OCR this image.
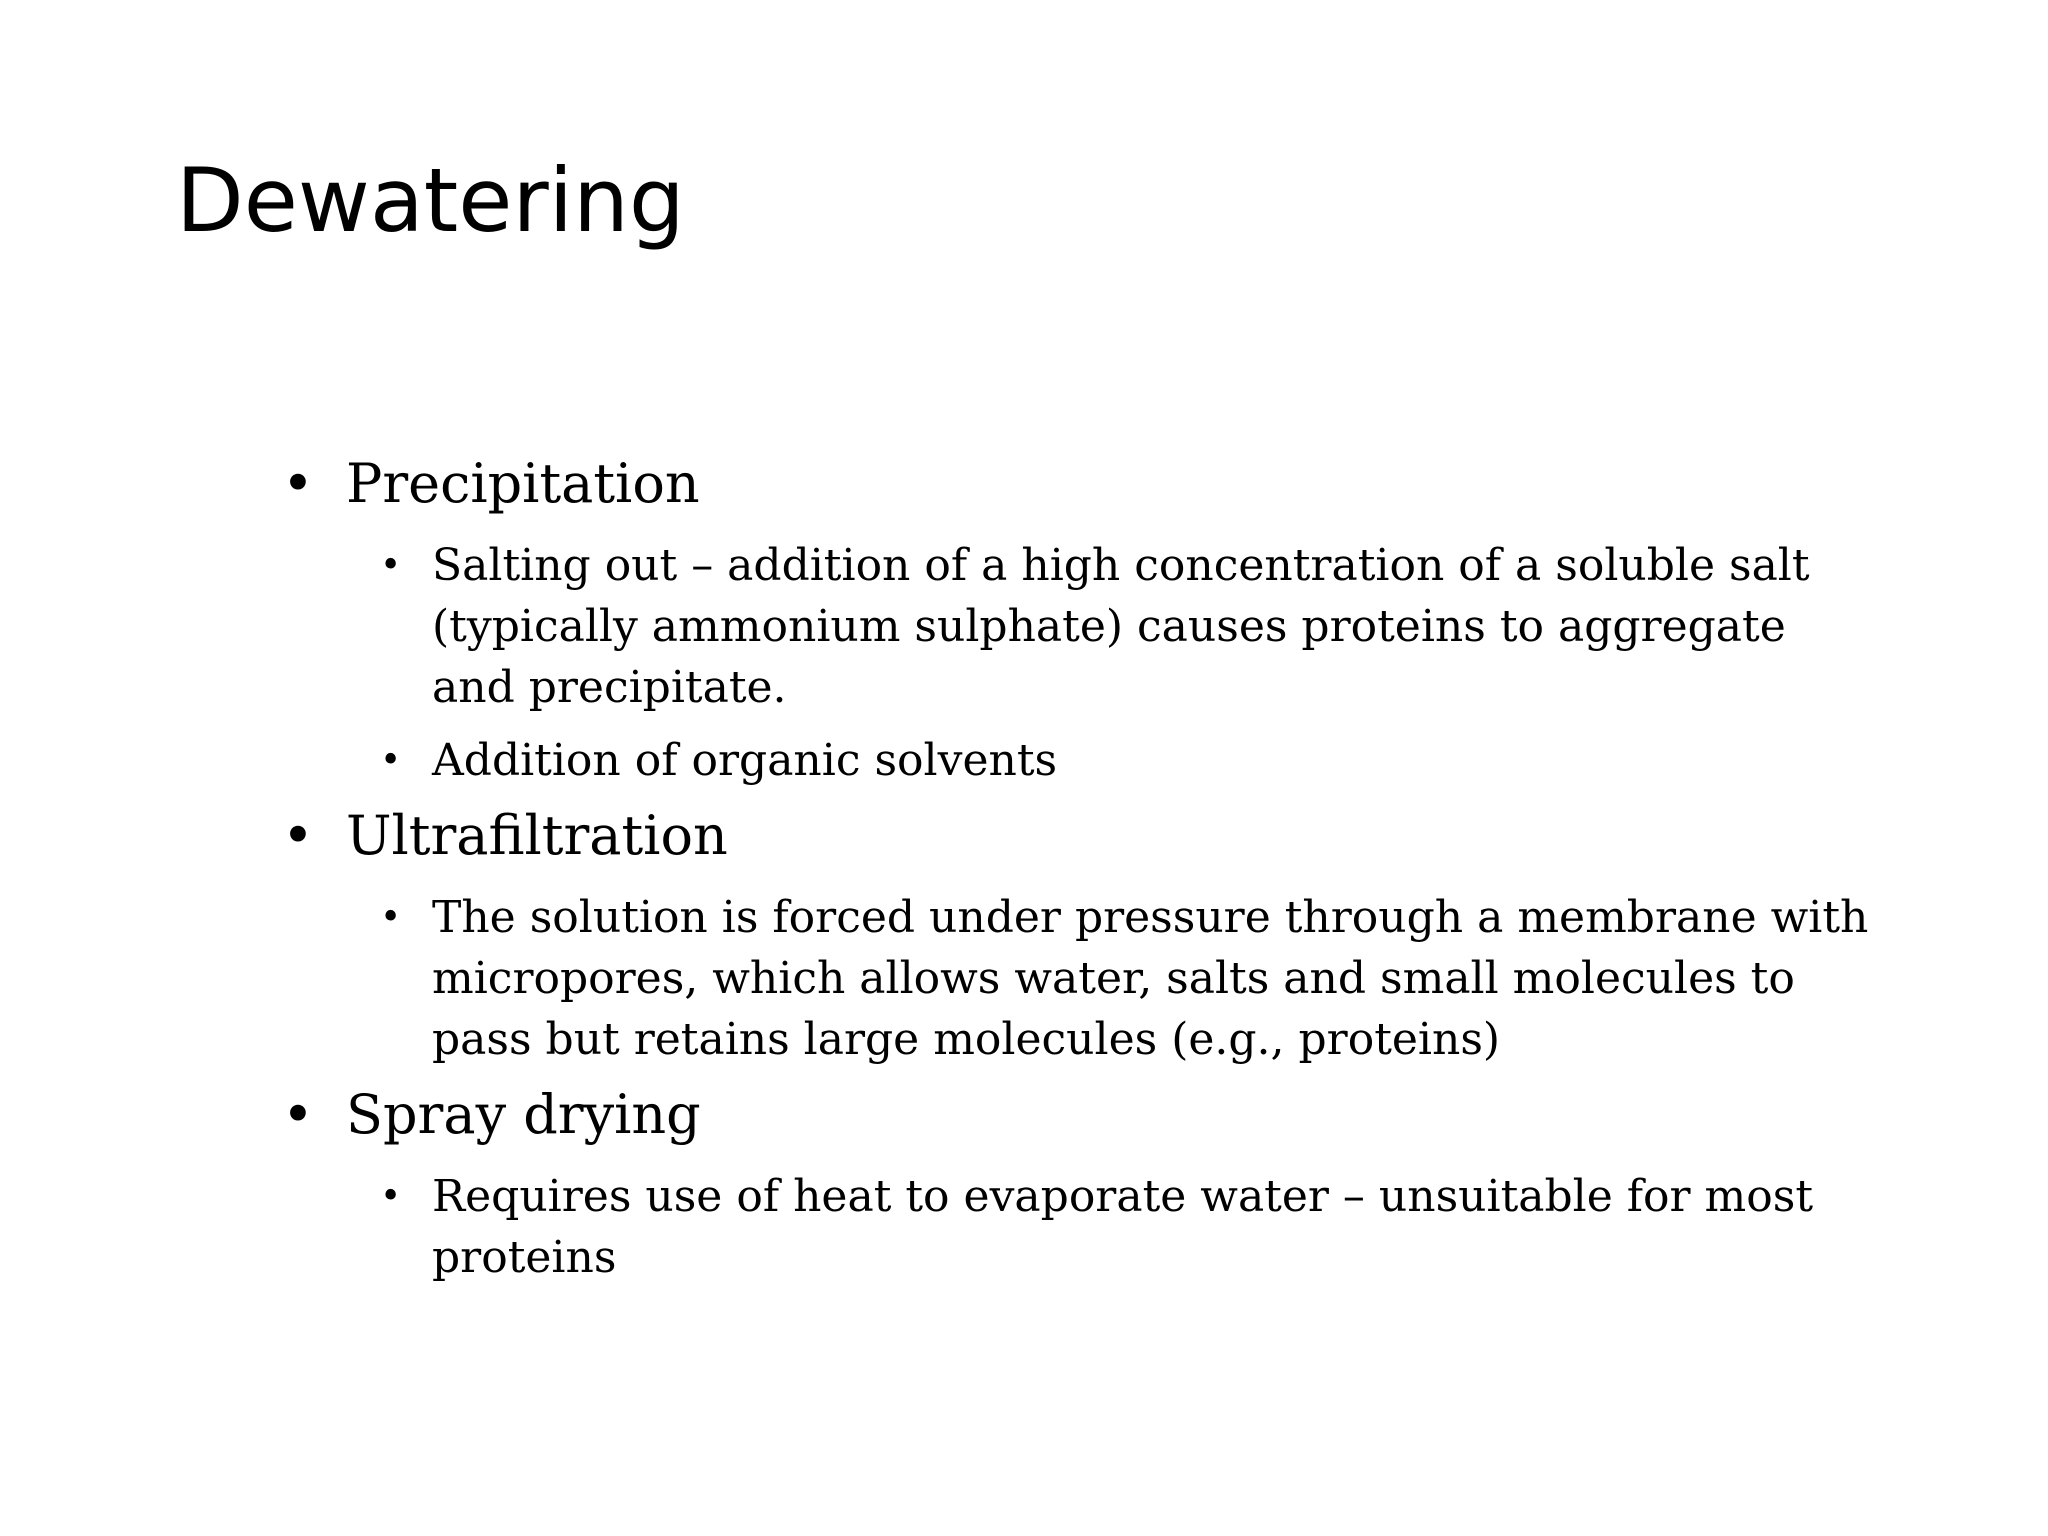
Dewatering
• Precipitation
• Salting out – addition of a high concentration of a soluble salt (typically ammonium sulphate) causes proteins to aggregate and precipitate.
• Addition of organic solvents
• Ultrafiltration
• The solution is forced under pressure through a membrane with micropores, which allows water, salts and small molecules to pass but retains large molecules (e.g., proteins)
• Spray drying
• Requires use of heat to evaporate water – unsuitable for most proteins
